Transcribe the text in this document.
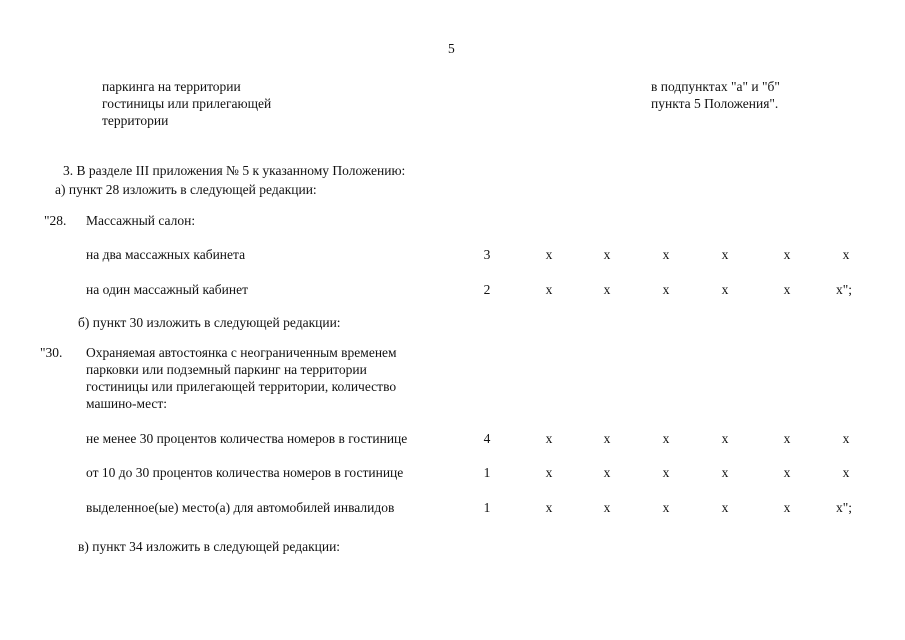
5
паркинга на территории
гостиницы или прилегающей
территории
в подпунктах "а" и "б"
пункта 5 Положения".
3. В разделе III приложения № 5 к указанному Положению:
а) пункт 28 изложить в следующей редакции:
"28. Массажный салон:
на два массажных кабинета	3	х	х	х	х	х	х
на один массажный кабинет	2	х	х	х	х	х	х";
б) пункт 30 изложить в следующей редакции:
"30. Охраняемая автостоянка с неограниченным временем
парковки или подземный паркинг на территории
гостиницы или прилегающей территории, количество
машино-мест:
не менее 30 процентов количества номеров в гостинице	4	х	х	х	х	х	х
от 10 до 30 процентов количества номеров в гостинице	1	х	х	х	х	х	х
выделенное(ые) место(а) для автомобилей инвалидов	1	х	х	х	х	х	х";
в) пункт 34 изложить в следующей редакции:
